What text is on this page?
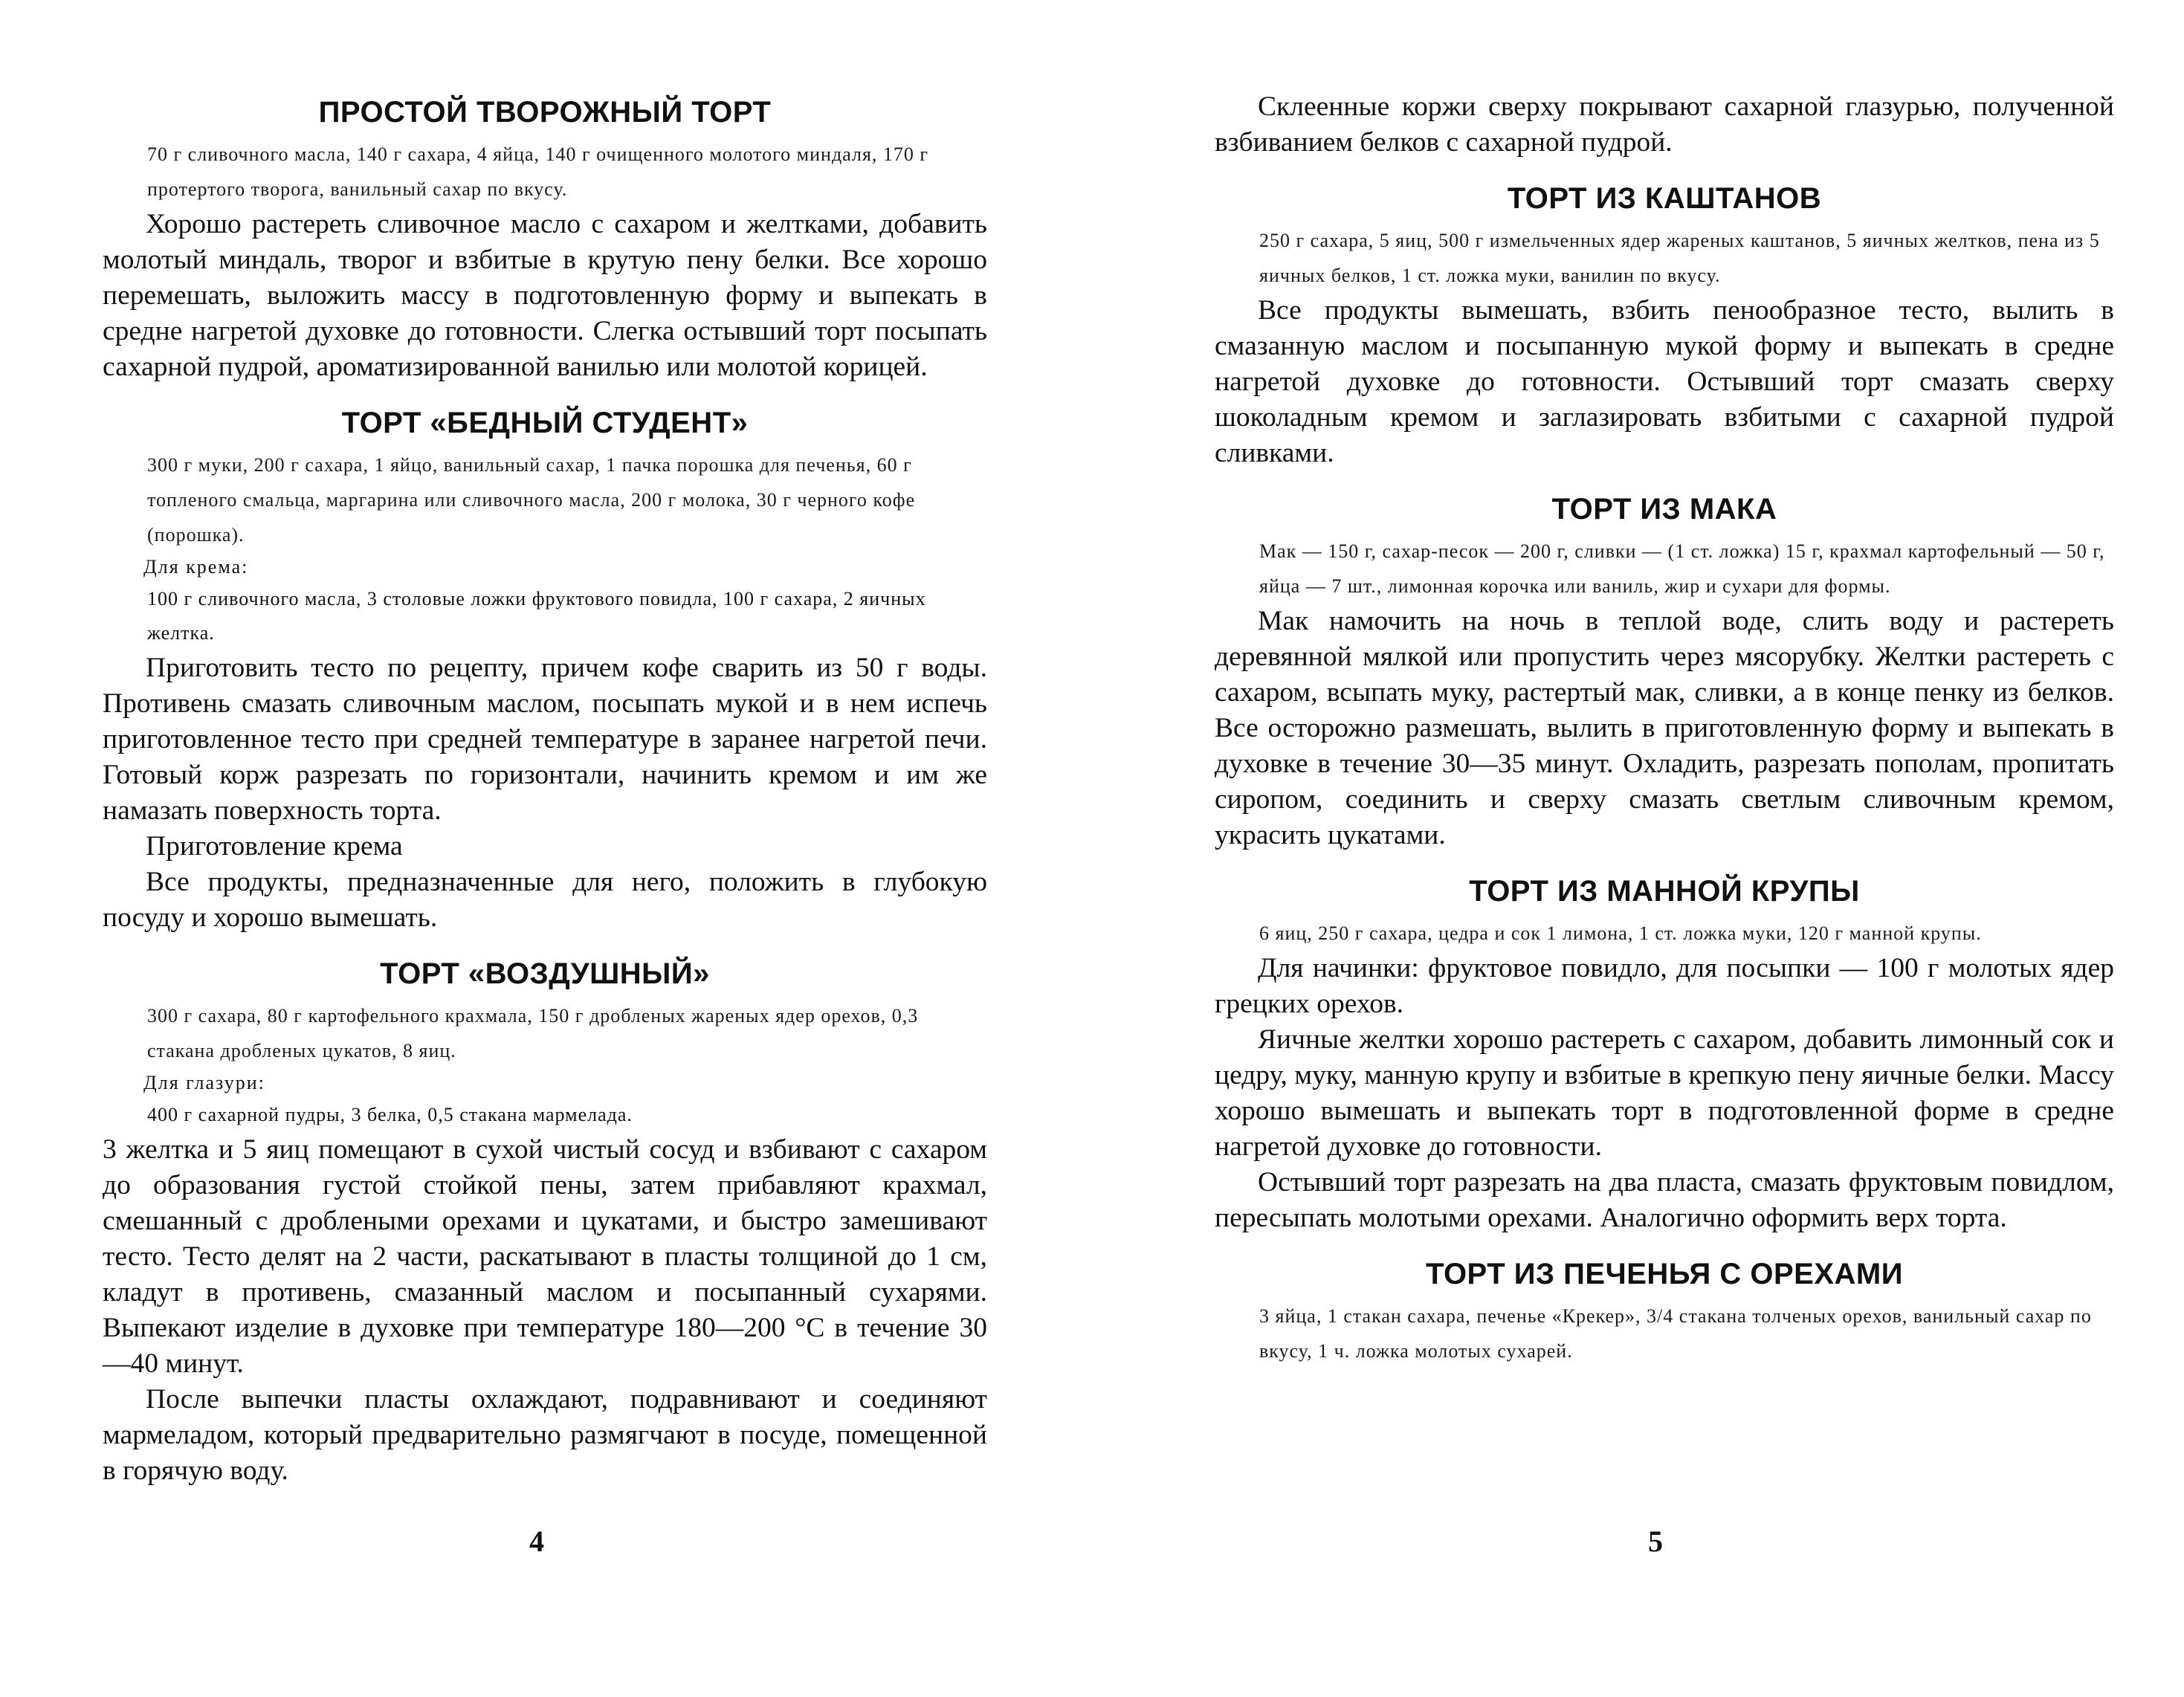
ПРОСТОЙ ТВОРОЖНЫЙ ТОРТ
70 г сливочного масла, 140 г сахара, 4 яйца, 140 г очищенного молотого миндаля, 170 г протертого творога, ванильный сахар по вкусу.

Хорошо растереть сливочное масло с сахаром и желтками, добавить молотый миндаль, творог и взбитые в крутую пену белки. Все хорошо перемешать, выложить массу в подготовленную форму и выпекать в средне нагретой духовке до готовности. Слегка остывший торт посыпать сахарной пудрой, ароматизированной ванилью или молотой корицей.

ТОРТ «БЕДНЫЙ СТУДЕНТ»
300 г муки, 200 г сахара, 1 яйцо, ванильный сахар, 1 пачка порошка для печенья, 60 г топленого смальца, маргарина или сливочного масла, 200 г молока, 30 г черного кофе (порошка).
Для крема:
100 г сливочного масла, 3 столовые ложки фруктового повидла, 100 г сахара, 2 яичных желтка.

Приготовить тесто по рецепту, причем кофе сварить из 50 г воды. Противень смазать сливочным маслом, посыпать мукой и в нем испечь приготовленное тесто при средней температуре в заранее нагретой печи. Готовый корж разрезать по горизонтали, начинить кремом и им же намазать поверхность торта.

Приготовление крема

Все продукты, предназначенные для него, положить в глубокую посуду и хорошо вымешать.

ТОРТ «ВОЗДУШНЫЙ»
300 г сахара, 80 г картофельного крахмала, 150 г дробленых жареных ядер орехов, 0,3 стакана дробленых цукатов, 8 яиц.
Для глазури:
400 г сахарной пудры, 3 белка, 0,5 стакана мармелада.

3 желтка и 5 яиц помещают в сухой чистый сосуд и взбивают с сахаром до образования густой стойкой пены, затем прибавляют крахмал, смешанный с дроблеными орехами и цукатами, и быстро замешивают тесто. Тесто делят на 2 части, раскатывают в пласты толщиной до 1 см, кладут в противень, смазанный маслом и посыпанный сухарями. Выпекают изделие в духовке при температуре 180—200 °С в течение 30—40 минут.

После выпечки пласты охлаждают, подравнивают и соединяют мармеладом, который предварительно размягчают в посуде, помещенной в горячую воду.

4

Склеенные коржи сверху покрывают сахарной глазурью, полученной взбиванием белков с сахарной пудрой.

ТОРТ ИЗ КАШТАНОВ
250 г сахара, 5 яиц, 500 г измельченных ядер жареных каштанов, 5 яичных желтков, пена из 5 яичных белков, 1 ст. ложка муки, ванилин по вкусу.

Все продукты вымешать, взбить пенообразное тесто, вылить в смазанную маслом и посыпанную мукой форму и выпекать в средне нагретой духовке до готовности. Остывший торт смазать сверху шоколадным кремом и заглазировать взбитыми с сахарной пудрой сливками.

ТОРТ ИЗ МАКА
Мак — 150 г, сахар-песок — 200 г, сливки — (1 ст. ложка) 15 г, крахмал картофельный — 50 г, яйца — 7 шт., лимонная корочка или ваниль, жир и сухари для формы.

Мак намочить на ночь в теплой воде, слить воду и растереть деревянной мялкой или пропустить через мясорубку. Желтки растереть с сахаром, всыпать муку, растертый мак, сливки, а в конце пенку из белков. Все осторожно размешать, вылить в приготовленную форму и выпекать в духовке в течение 30—35 минут. Охладить, разрезать пополам, пропитать сиропом, соединить и сверху смазать светлым сливочным кремом, украсить цукатами.

ТОРТ ИЗ МАННОЙ КРУПЫ
6 яиц, 250 г сахара, цедра и сок 1 лимона, 1 ст. ложка муки, 120 г манной крупы.

Для начинки: фруктовое повидло, для посыпки — 100 г молотых ядер грецких орехов.

Яичные желтки хорошо растереть с сахаром, добавить лимонный сок и цедру, муку, манную крупу и взбитые в крепкую пену яичные белки. Массу хорошо вымешать и выпекать торт в подготовленной форме в средне нагретой духовке до готовности.

Остывший торт разрезать на два пласта, смазать фруктовым повидлом, пересыпать молотыми орехами. Аналогично оформить верх торта.

ТОРТ ИЗ ПЕЧЕНЬЯ С ОРЕХАМИ
3 яйца, 1 стакан сахара, печенье «Крекер», 3/4 стакана толченых орехов, ванильный сахар по вкусу, 1 ч. ложка молотых сухарей.
5
